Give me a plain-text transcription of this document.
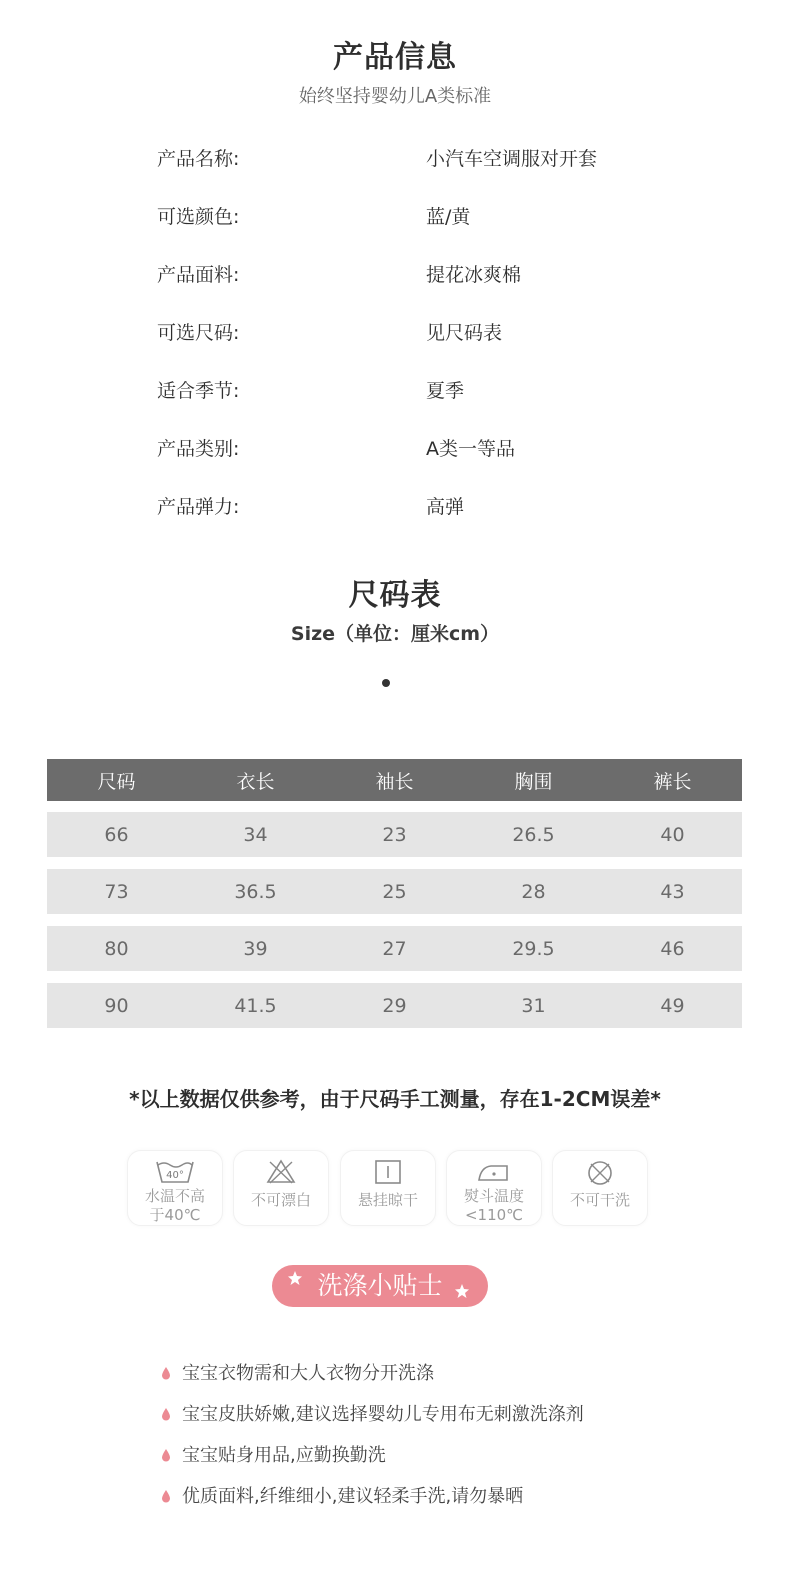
产品信息
始终坚持婴幼儿A类标准
产品名称:	小汽车空调服对开套
可选颜色:	蓝/黄
产品面料:	提花冰爽棉
可选尺码:	见尺码表
适合季节:	夏季
产品类别:	A类一等品
产品弹力:	高弹
尺码表
Size（单位：厘米cm）
尺码	衣长	袖长	胸围	裤长
66	34	23	26.5	40
73	36.5	25	28	43
80	39	27	29.5	46
90	41.5	29	31	49
*以上数据仅供参考，由于尺码手工测量，存在1-2CM误差*
40°
水温不高
于40℃
不可漂白	悬挂晾干	熨斗温度
<110℃
不可干洗
洗涤小贴士
宝宝衣物需和大人衣物分开洗涤
宝宝皮肤娇嫩,建议选择婴幼儿专用布无刺激洗涤剂
宝宝贴身用品,应勤换勤洗
优质面料,纤维细小,建议轻柔手洗,请勿暴晒
